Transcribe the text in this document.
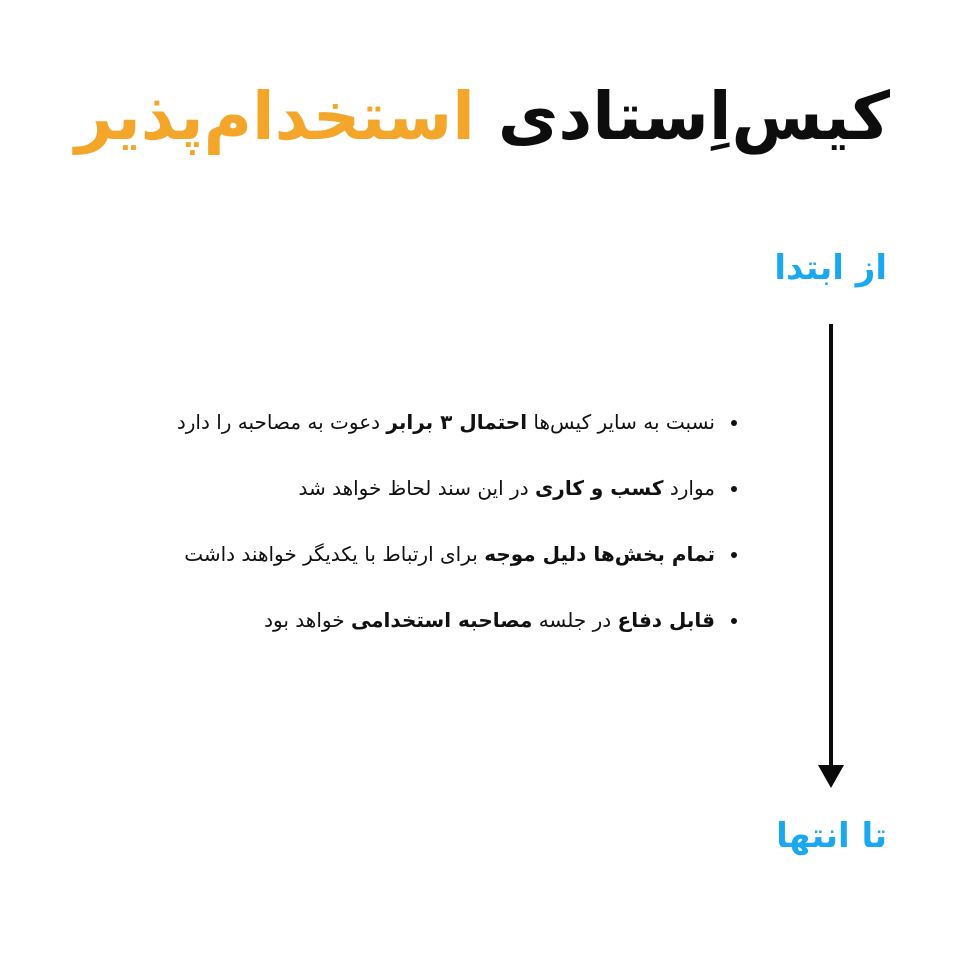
کیس‌اِستادی استخدام‌پذیر
از ابتدا
نسبت به سایر کیس‌ها احتمال ۳ برابر دعوت به مصاحبه را دارد
موارد کسب و کاری در این سند لحاظ خواهد شد
تمام بخش‌ها دلیل موجه برای ارتباط با یکدیگر خواهند داشت
قابل دفاع در جلسه مصاحبه استخدامی خواهد بود
تا انتها
